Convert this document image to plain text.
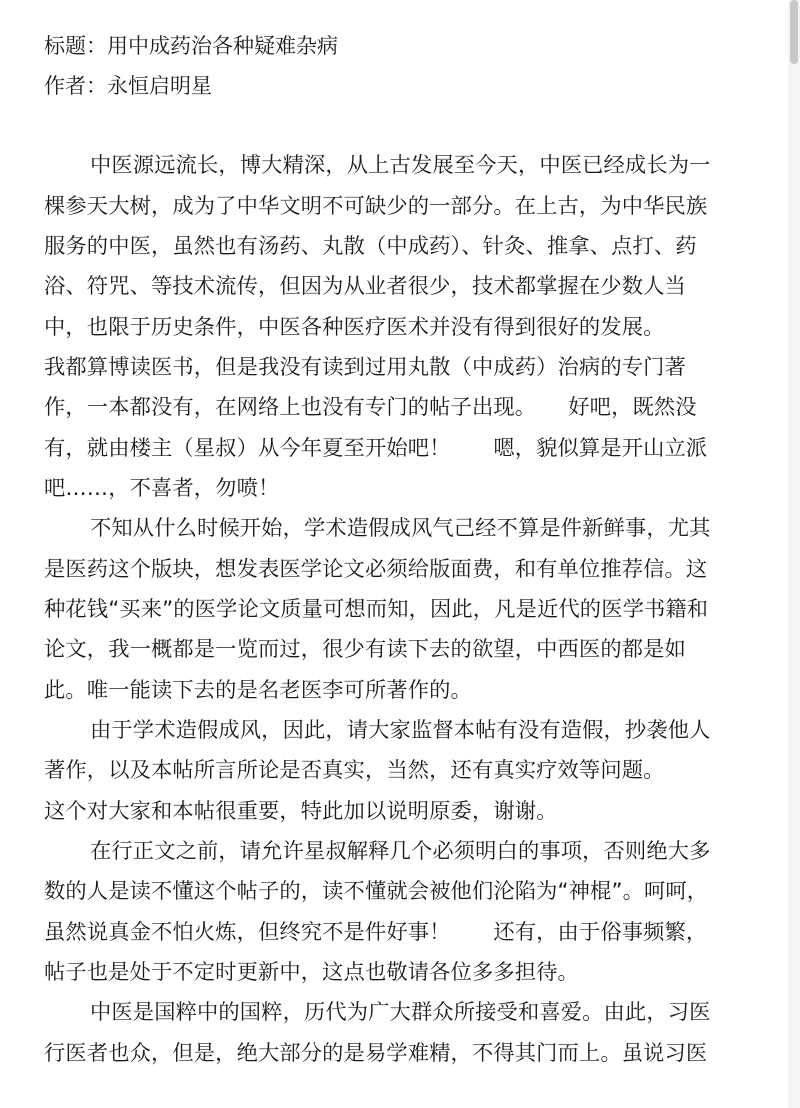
标题：用中成药治各种疑难杂病
作者：永恒启明星
中医源远流长，博大精深，从上古发展至今天，中医已经成长为一
棵参天大树，成为了中华文明不可缺少的一部分。在上古，为中华民族
服务的中医，虽然也有汤药、丸散（中成药）、针灸、推拿、点打、药
浴、符咒、等技术流传，但因为从业者很少，技术都掌握在少数人当
中，也限于历史条件，中医各种医疗医术并没有得到很好的发展。
我都算博读医书，但是我没有读到过用丸散（中成药）治病的专门著
作，一本都没有，在网络上也没有专门的帖子出现。　　好吧，既然没
有，就由楼主（星叔）从今年夏至开始吧！　　嗯，貌似算是开山立派
吧……，不喜者，勿喷！
不知从什么时候开始，学术造假成风气己经不算是件新鲜事，尤其
是医药这个版块，想发表医学论文必须给版面费，和有单位推荐信。这
种花钱“买来”的医学论文质量可想而知，因此，凡是近代的医学书籍和
论文，我一概都是一览而过，很少有读下去的欲望，中西医的都是如
此。唯一能读下去的是名老医李可所著作的。
由于学术造假成风，因此，请大家监督本帖有没有造假，抄袭他人
著作，以及本帖所言所论是否真实，当然，还有真实疗效等问题。
这个对大家和本帖很重要，特此加以说明原委，谢谢。
在行正文之前，请允许星叔解释几个必须明白的事项，否则绝大多
数的人是读不懂这个帖子的，读不懂就会被他们沦陷为“神棍”。呵呵，
虽然说真金不怕火炼，但终究不是件好事！　　还有，由于俗事频繁，
帖子也是处于不定时更新中，这点也敬请各位多多担待。
中医是国粹中的国粹，历代为广大群众所接受和喜爱。由此，习医
行医者也众，但是，绝大部分的是易学难精，不得其门而上。虽说习医
